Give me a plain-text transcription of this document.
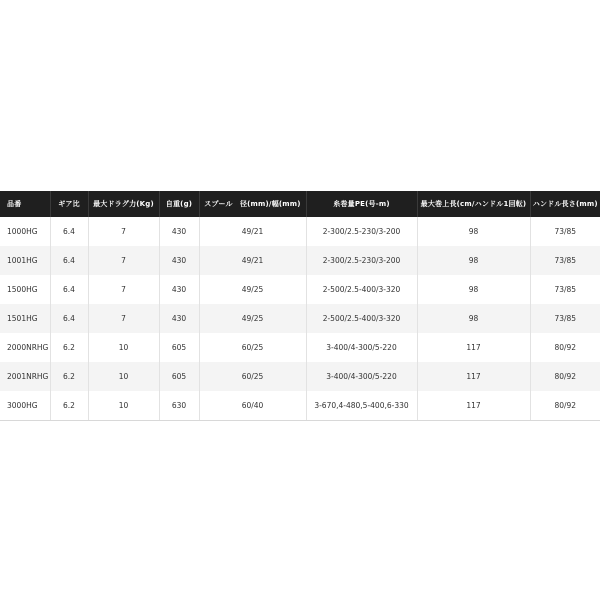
品番	ギア比	最大ドラグ力(Kg)	自重(g)	スプール　径(mm)/幅(mm)	糸巻量PE(号-m)	最大巻上長(cm/ハンドル1回転)	ハンドル長さ(mm)
1000HG	6.4	7	430	49/21	2-300/2.5-230/3-200	98	73/85
1001HG	6.4	7	430	49/21	2-300/2.5-230/3-200	98	73/85
1500HG	6.4	7	430	49/25	2-500/2.5-400/3-320	98	73/85
1501HG	6.4	7	430	49/25	2-500/2.5-400/3-320	98	73/85
2000NRHG	6.2	10	605	60/25	3-400/4-300/5-220	117	80/92
2001NRHG	6.2	10	605	60/25	3-400/4-300/5-220	117	80/92
3000HG	6.2	10	630	60/40	3-670,4-480,5-400,6-330	117	80/92
